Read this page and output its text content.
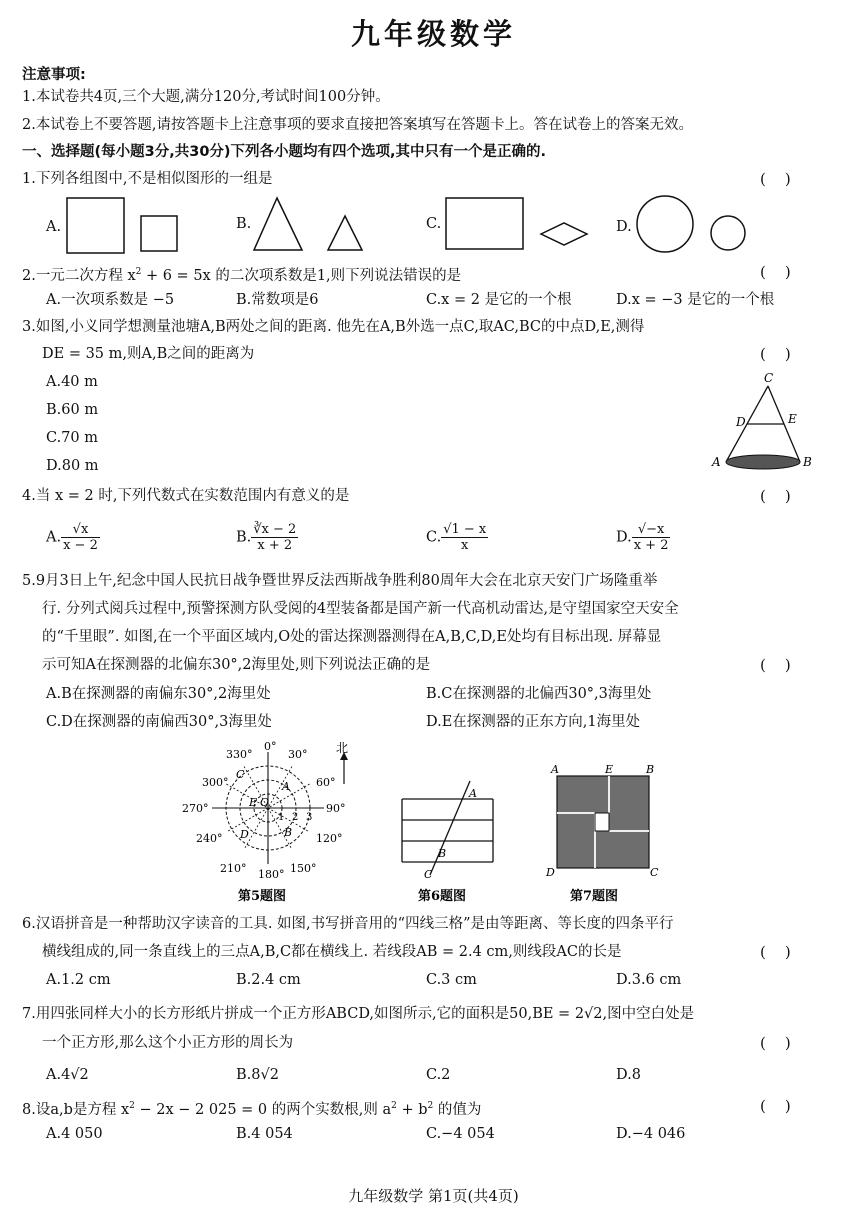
九年级数学
注意事项:
1.本试卷共4页,三个大题,满分120分,考试时间100分钟。
2.本试卷上不要答题,请按答题卡上注意事项的要求直接把答案填写在答题卡上。答在试卷上的答案无效。
一、选择题(每小题3分,共30分)下列各小题均有四个选项,其中只有一个是正确的.
1.下列各组图中,不是相似图形的一组是	(    )
A.	B.	C.	D.
2.一元二次方程 $x^2 + 6 = 5x$ 的二次项系数是1,则下列说法错误的是	(    )
A.一次项系数是 −5	B.常数项是6	C.x = 2 是它的一个根	D.x = −3 是它的一个根
3.如图,小义同学想测量池塘A,B两处之间的距离. 他先在A,B外选一点C,取AC,BC的中点D,E,测得
DE = 35 m,则A,B之间的距离为	(    )
A.40 m
B.60 m
C.70 m
D.80 m
C
D	E
A	B
4.当 x = 2 时,下列代数式在实数范围内有意义的是	(    )
A. $\frac{√x}{x - 2}$	B. $\frac{∛x - 2}{x + 2}$	C. $\frac{√1 - x}{x}$	D. $\frac{√-x}{x + 2}$
5.9月3日上午,纪念中国人民抗日战争暨世界反法西斯战争胜利80周年大会在北京天安门广场隆重举
行. 分列式阅兵过程中,预警探测方队受阅的4型装备都是国产新一代高机动雷达,是守望国家空天安全
的“千里眼”. 如图,在一个平面区域内,O处的雷达探测器测得在A,B,C,D,E处均有目标出现. 屏幕显
示可知A在探测器的北偏东30°,2海里处,则下列说法正确的是	(    )
A.B在探测器的南偏东30°,2海里处	B.C在探测器的北偏西30°,3海里处
C.D在探测器的南偏西30°,3海里处	D.E在探测器的正东方向,1海里处
330°
0°
30°
300°	60°
270°	90°
240°	120°
210° 180° 150°
C
A
E O
D	B
1 2 3
北
第5题图
A
B
C
第6题图
A	E	B
D	C
第7题图
6.汉语拼音是一种帮助汉字读音的工具. 如图,书写拼音用的“四线三格”是由等距离、等长度的四条平行
横线组成的,同一条直线上的三点A,B,C都在横线上. 若线段AB = 2.4 cm,则线段AC的长是	(    )
A.1.2 cm	B.2.4 cm	C.3 cm	D.3.6 cm
7.用四张同样大小的长方形纸片拼成一个正方形ABCD,如图所示,它的面积是50,BE = 2√2,图中空白处是
一个正方形,那么这个小正方形的周长为	(    )
A.4√2	B.8√2	C.2	D.8
8.设a,b是方程 $x^2 - 2x - 2$ 025 = 0 的两个实数根,则 $a^2 + b^2$ 的值为	(    )
A.4 050	B.4 054	C.−4 054	D.−4 046
九年级数学 第1页(共4页)
